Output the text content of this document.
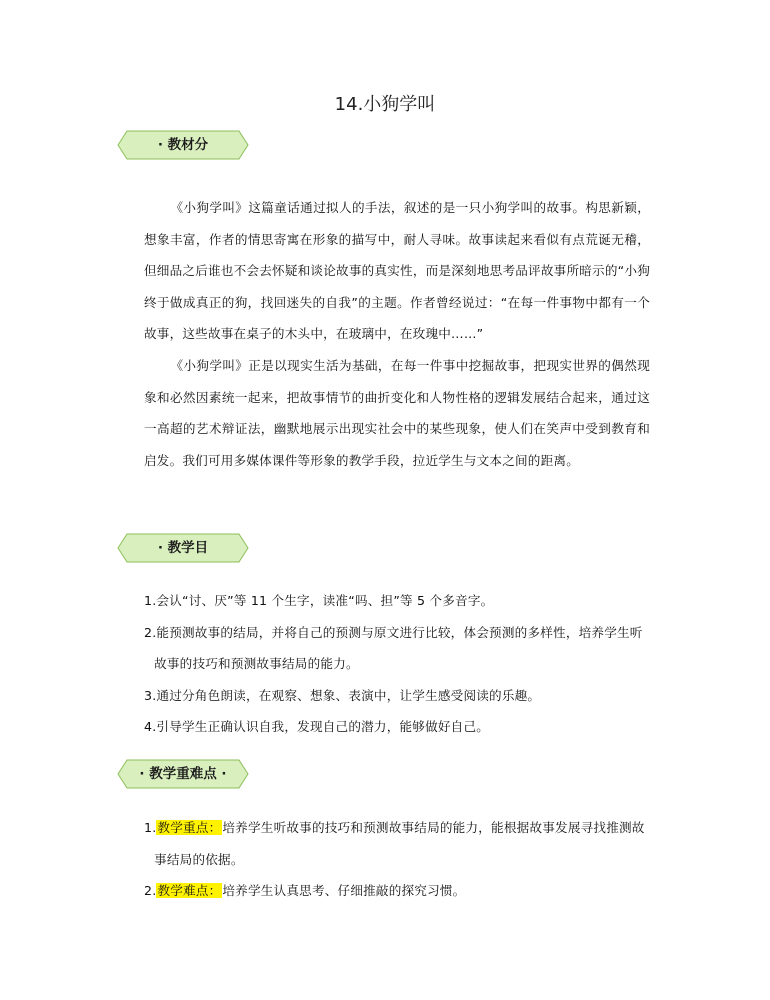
14.小狗学叫
· 教材分

《小狗学叫》这篇童话通过拟人的手法，叙述的是一只小狗学叫的故事。构思新颖，想象丰富，作者的情思寄寓在形象的描写中，耐人寻味。故事读起来看似有点荒诞无稽，但细品之后谁也不会去怀疑和谈论故事的真实性，而是深刻地思考品评故事所暗示的“小狗终于做成真正的狗，找回迷失的自我”的主题。作者曾经说过：“在每一件事物中都有一个故事，这些故事在桌子的木头中，在玻璃中，在玫瑰中……”

《小狗学叫》正是以现实生活为基础，在每一件事中挖掘故事，把现实世界的偶然现象和必然因素统一起来，把故事情节的曲折变化和人物性格的逻辑发展结合起来，通过这一高超的艺术辩证法，幽默地展示出现实社会中的某些现象，使人们在笑声中受到教育和启发。我们可用多媒体课件等形象的教学手段，拉近学生与文本之间的距离。

· 教学目

1.会认“讨、厌”等 11 个生字，读准“吗、担”等 5 个多音字。

2.能预测故事的结局，并将自己的预测与原文进行比较，体会预测的多样性，培养学生听故事的技巧和预测故事结局的能力。

3.通过分角色朗读，在观察、想象、表演中，让学生感受阅读的乐趣。

4.引导学生正确认识自我，发现自己的潜力，能够做好自己。

· 教学重难点 ·

1.教学重点：培养学生听故事的技巧和预测故事结局的能力，能根据故事发展寻找推测故事结局的依据。

2.教学难点：培养学生认真思考、仔细推敲的探究习惯。
